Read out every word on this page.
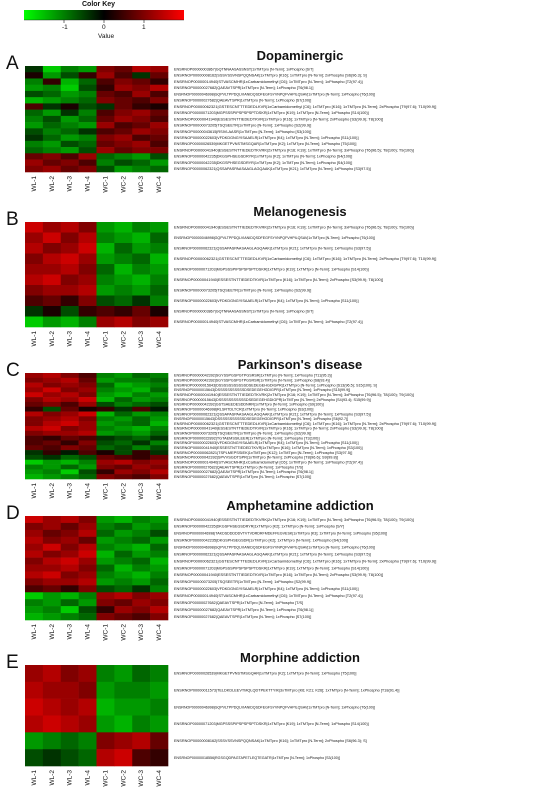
Color Key
-1	0	1
Value
A	Dopaminergic
ENSRNOP00000003867|GQTNNAASASSNST|1xTMTpro [N-Term]; 1xPhospho [S/T]
ENSRNOP00000008162|SSSVSSVNSPQQNSAK|1xTMTpro [K16]; 1xTMTpro [N-Term]; 2xPhospho [S6(96.3); S]
ENSRNOP00000014940|STVASCMHR|1xCarbamidomethyl [C6]; 1xTMTpro [N-Term]; 1xPhospho [T2(97.4)]
ENSRNOP00000027682|QAEAVTSPR|1xTMTpro [N-Term]; 1xPhospho [T6(98.1)]
ENSRNOP00000046998|GQPVLTPPDQLVIANIDQSDFEGFSYVNPQFVHPILQSAV|1xTMTpro [N-Term]; 1xPhospho [T6(100)]
ENSRNOP00000027682|QAEAVTSPR|1xTMTpro [N-Term]; 1xPhospho [S7(100)]
ENSRNOP00000062321|GSTESCNTTTEDEDLKVR|1xCarbamidomethyl [C6]; 1xTMTpro [K16]; 1xTMTpro [N-Term]; 2xPhospho [T9(97.6); T10(99.9)]
ENSRNOP00000071203|MGPSSSPIPSPSPSPTDSKR|1xTMTpro [K19]; 1xTMTpro [N-Term]; 1xPhospho [S14(100)]
ENSRNOP00000041940|ESSESTNTTIEDEDTKVR|1xTMTpro [K16]; 1xTMTpro [N-Term]; 2xPhospho [S3(99.9); T8(100)]
ENSRNOP00000073205|TSQSEETR|1xTMTpro [N-Term]; 1xPhospho [S2(99.9)]
ENSRNOP00000043615|RSIVLAASR|1xTMTpro [N-Term]; 1xPhospho [S3(100)]
ENSRNOP00000022603|VFDKDGNGYISAAELR|1xTMTpro [K4]; 1xTMTpro [N-Term]; 1xPhospho [S11(100)]
ENSRNOP00000026539|MKGETPVNSTMSGQAR|1xTMTpro [K2]; 1xTMTpro [N-Term]; 1xPhospho [T5(100)]
ENSRNOP00000041940|ESSESTNTTIEDEDTKVRK|2xTMTpro [K16; K19]; 1xTMTpro [N-Term]; 3xPhospho [T6(96.5); T8(100); T9(100)]
ENSRNOP00000042235|DKGSPHSEGSDRYR|1xTMTpro [K2]; 1xTMTpro [N-Term]; 1xPhospho [S4(100)]
ENSRNOP00000042235|DKGSPHSEGSDRYR|1xTMTpro [K2]; 1xTMTpro [N-Term]; 1xPhospho [S4(100)]
ENSRNOP00000062321|QSSAPASPAASAAGLAGQAAK|1xTMTpro [K21]; 1xTMTpro [N-Term]; 1xPhospho [S3(97.5)]
WL-1 WL-2 WL-3 WL-4 WC-1 WC-2 WC-3 WC-4
B	Melanogenesis
ENSRNOP00000041940|ESSESTNTTIEDEDTKVRK|2xTMTpro [K16; K19]; 1xTMTpro [N-Term]; 3xPhospho [T6(96.5); T8(100); T9(100)]
ENSRNOP00000046998|GQPVLTPPDQLVIANIDQSDFEGFSYVNPQFVHPILQSAV|1xTMTpro [N-Term]; 1xPhospho [T6(100)]
ENSRNOP00000062321|QSSAPASPAASAAGLAGQAAK|1xTMTpro [K21]; 1xTMTpro [N-Term]; 1xPhospho [S3(97.5)]
ENSRNOP00000062321|GSTESCNTTTEDEDLKVR|1xCarbamidomethyl [C6]; 1xTMTpro [K16]; 1xTMTpro [N-Term]; 2xPhospho [T9(97.6); T10(99.9)]
ENSRNOP00000071203|MGPSSSPIPSPSPSPTDSKR|1xTMTpro [K19]; 1xTMTpro [N-Term]; 1xPhospho [S14(100)]
ENSRNOP00000041940|ESSESTNTTIEDEDTKVR|1xTMTpro [K16]; 1xTMTpro [N-Term]; 2xPhospho [S3(99.9); T8(100)]
ENSRNOP00000073205|TSQSEETR|1xTMTpro [N-Term]; 1xPhospho [S2(99.9)]
ENSRNOP00000022603|VFDKDGNGYISAAELR|1xTMTpro [K4]; 1xTMTpro [N-Term]; 1xPhospho [S11(100)]
ENSRNOP00000003867|GQTNNAASASSNST|1xTMTpro [N-Term]; 1xPhospho [S/T]
ENSRNOP00000014940|STVASCMHR|1xCarbamidomethyl [C6]; 1xTMTpro [N-Term]; 1xPhospho [T2(97.4)]
WL-1 WL-2 WL-3 WL-4 WC-1 WC-2 WC-3 WC-4
C	Parkinson's disease
ENSRNOP00000042392|SGYSSPGSPGTPGSRSR|1xTMTpro [N-Term]; 1xPhospho [T11(95.3)]
ENSRNOP00000042392|SGYSSPGSPGTPGSRSR|1xTMTpro [N-Term]; 1xPhospho [S8(93.4)]
ENSRNOP00000015643|DSSSSSSSSSSSDSEDEGEHGDIGPR|1xTMTpro [N-Term]; 1xPhospho [S13(96.5); S15(100); S]
ENSRNOP00000015643|DSSSSSSSSSSSDSEDEGEHGDIGPR|1xTMTpro [N-Term]; 1xPhospho [S15(99.9)]
ENSRNOP00000041940|ESSESTNTTIEDEDTKVRK|2xTMTpro [K16; K19]; 1xTMTpro [N-Term]; 3xPhospho [T6(96.5); T8(100); T9(100)]
ENSRNOP00000015643|DSSSSSSSSSSSDSEDEGEHGDIGPR|1xTMTpro [N-Term]; 2xPhospho [S4(93.4); S15(99.9)]
ENSRNOP00000042392|GSTSAEEDESDDNRR|1xTMTpro [N-Term]; 1xPhospho [S9(100)]
ENSRNOP00000046998|RLSRTDLTCR|1xTMTpro [N-Term]; 1xPhospho [S3(100)]
ENSRNOP00000062321|QSSAPASPAASAAGLAGQAAK|1xTMTpro [K21]; 1xTMTpro [N-Term]; 1xPhospho [S3(97.5)]
ENSRNOP00000015643|DSSSSSSSSSSSDSEDEGEHGDIGPR|1xTMTpro [N-Term]; 1xPhospho [S6(92.7)]
ENSRNOP00000062321|GSTESCNTTTEDEDLKVR|1xCarbamidomethyl [C6]; 1xTMTpro [K16]; 1xTMTpro [N-Term]; 2xPhospho [T9(97.6); T10(99.9)]
ENSRNOP00000041940|ESSESTNTTIEDEDTKVR|1xTMTpro [K16]; 1xTMTpro [N-Term]; 2xPhospho [S3(99.9); T8(100)]
ENSRNOP00000073205|TSQSEETR|1xTMTpro [N-Term]; 1xPhospho [S2(99.9)]
ENSRNOP00000022892|TGTAEMSSILEER|1xTMTpro [N-Term]; 1xPhospho [T3(100)]
ENSRNOP00000022603|VFDKDGNGYISAAELR|1xTMTpro [K4]; 1xTMTpro [N-Term]; 1xPhospho [S11(100)]
ENSRNOP00000041940|ESSESTNTTIEDEDTKVR|1xTMTpro [K16]; 1xTMTpro [N-Term]; 1xPhospho [S3(100)]
ENSRNOP00000062821|TSPLMEPSSIEK|1xTMTpro [K12]; 1xTMTpro [N-Term]; 1xPhospho [S3(97.5)]
ENSRNOP00000042392|SPVVSGDTSPR|1xTMTpro [N-Term]; 2xPhospho [T8(96.6); S9(99.8)]
ENSRNOP00000014940|STVASCMHR|1xCarbamidomethyl [C6]; 1xTMTpro [N-Term]; 1xPhospho [T2(97.4)]
ENSRNOP00000027682|QAEAVTSPR|1xTMTpro [N-Term]; 1xPhospho [T/S]
ENSRNOP00000027682|QAEAVTSPR|1xTMTpro [N-Term]; 1xPhospho [T6(98.1)]
ENSRNOP00000027682|QAEAVTSPR|1xTMTpro [N-Term]; 1xPhospho [S7(100)]
WL-1 WL-2 WL-3 WL-4 WC-1 WC-2 WC-3 WC-4
D	Amphetamine addiction
ENSRNOP00000041940|ESSESTNTTIEDEDTKVRK|2xTMTpro [K16; K19]; 1xTMTpro [N-Term]; 3xPhospho [T6(96.5); T8(100); T9(100)]
ENSRNOP00000042235|DKGSPHSEGSDRYR|1xTMTpro [K2]; 1xTMTpro [N-Term]; 1xPhospho [S/Y]
ENSRNOP00000046998|TAKDSDDDDDVTVTVDRDRFMDEFFEGVESK|1xTMTpro [K3]; 1xTMTpro [N-Term]; 1xPhospho [S5(100)]
ENSRNOP00000042235|DKGSPHSEGSDR|1xTMTpro [K2]; 1xTMTpro [N-Term]; 1xPhospho [S4(100)]
ENSRNOP00000046998|GQPVLTPPDQLVIANIDQSDFEGFSYVNPQFVHPILQSAV|1xTMTpro [N-Term]; 1xPhospho [T6(100)]
ENSRNOP00000062321|QSSAPASPAASAAGLAGQAAK|1xTMTpro [K21]; 1xTMTpro [N-Term]; 1xPhospho [S3(97.5)]
ENSRNOP00000062321|GSTESCNTTTEDEDLKVR|1xCarbamidomethyl [C6]; 1xTMTpro [K16]; 1xTMTpro [N-Term]; 2xPhospho [T9(97.6); T10(99.9)]
ENSRNOP00000071203|MGPSSSPIPSPSPSPTDSKR|1xTMTpro [K19]; 1xTMTpro [N-Term]; 1xPhospho [S14(100)]
ENSRNOP00000041940|ESSESTNTTIEDEDTKVR|1xTMTpro [K16]; 1xTMTpro [N-Term]; 2xPhospho [S3(99.9); T8(100)]
ENSRNOP00000073205|TSQSEETR|1xTMTpro [N-Term]; 1xPhospho [S2(99.9)]
ENSRNOP00000022603|VFDKDGNGYISAAELR|1xTMTpro [K4]; 1xTMTpro [N-Term]; 1xPhospho [S11(100)]
ENSRNOP00000014940|STVASCMHR|1xCarbamidomethyl [C6]; 1xTMTpro [N-Term]; 1xPhospho [T2(97.4)]
ENSRNOP00000027682|QAEAVTSPR|1xTMTpro [N-Term]; 1xPhospho [T/S]
ENSRNOP00000027682|QAEAVTSPR|1xTMTpro [N-Term]; 1xPhospho [T6(98.1)]
ENSRNOP00000027682|QAEAVTSPR|1xTMTpro [N-Term]; 1xPhospho [S7(100)]
WL-1 WL-2 WL-3 WL-4 WC-1 WC-2 WC-3 WC-4
E	Morphine addiction
ENSRNOP00000026539|MKGETPVNSTMSGQAR|1xTMTpro [K2]; 1xTMTpro [N-Term]; 1xPhospho [T5(100)]
ENSRNOP00000011573|TELDKDLEEVTMQLQDTPEKTTYIK|3xTMTpro [K6; K21; K26]; 1xTMTpro [N-Term]; 1xPhospho [T18(91.4)]
ENSRNOP00000046998|GQPVLTPPDQLVIANIDQSDFEGFSYVNPQFVHPILQSAV|1xTMTpro [N-Term]; 1xPhospho [T6(100)]
ENSRNOP00000071203|MGPSSSPIPSPSPSPTDSKR|1xTMTpro [K19]; 1xTMTpro [N-Term]; 1xPhospho [S14(100)]
ENSRNOP00000008162|SSSVSSVNSPQQNSAK|1xTMTpro [K16]; 1xTMTpro [N-Term]; 2xPhospho [S6(96.3); S]
ENSRNOP00000018556|RGSGQDPAGTAPETLEQTEGATR|1xTMTpro [N-Term]; 1xPhospho [S3(100)]
WL-1 WL-2 WL-3 WL-4 WC-1 WC-2 WC-3 WC-4
